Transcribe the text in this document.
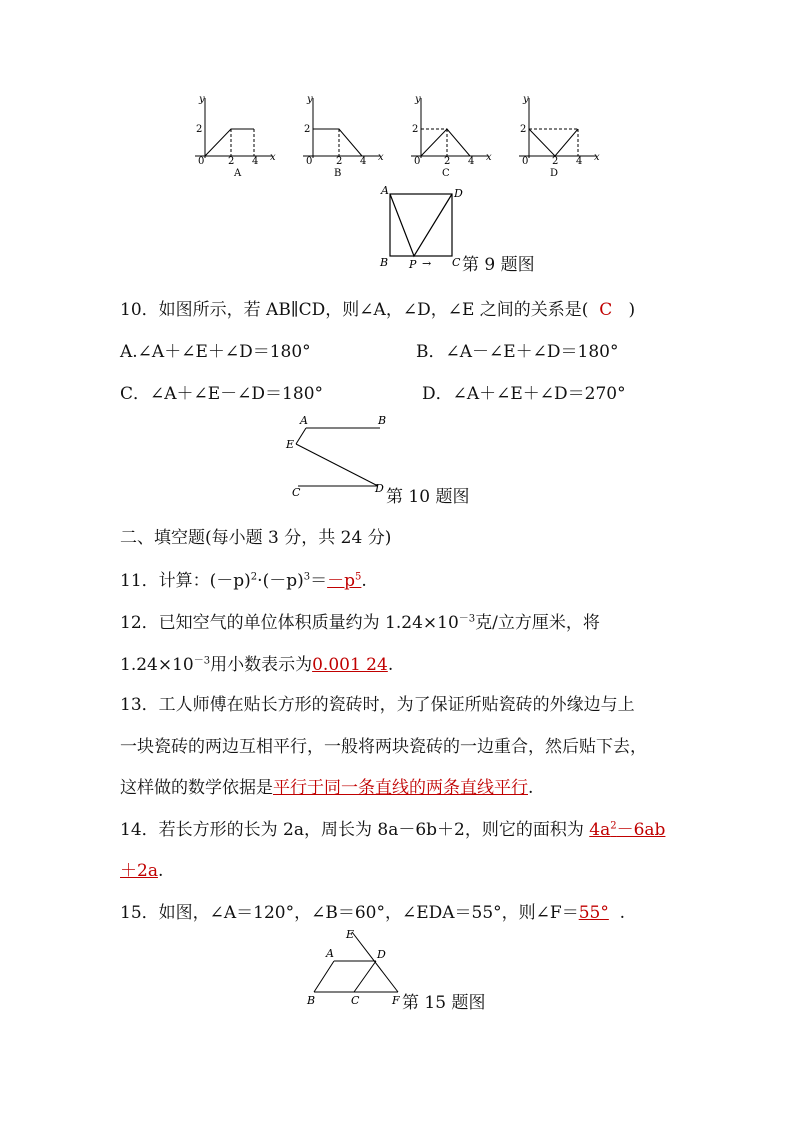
y
x
0
2
2 4
A
y
x
0
2
2 4
B
y
x
0
2
2 4
C
y
x
0
2
2 4
D
A	D
B P → C 第 9 题图
10．如图所示，若 AB∥CD，则∠A，∠D，∠E 之间的关系是( C )
A.∠A＋∠E＋∠D＝180°	B．∠A－∠E＋∠D＝180°
C．∠A＋∠E－∠D＝180°	D．∠A＋∠E＋∠D＝270°
A	B
E
C	D 第 10 题图
二、填空题(每小题 3 分，共 24 分)
11．计算：$(-p)^2\cdot(-p)^3=-p^5$.
12．已知空气的单位体积质量约为 $1.24\times 10^{-3}$克/立方厘米，将
$1.24\times 10^{-3}$用小数表示为0.001 24.
13．工人师傅在贴长方形的瓷砖时，为了保证所贴瓷砖的外缘边与上
一块瓷砖的两边互相平行，一般将两块瓷砖的一边重合，然后贴下去，
这样做的数学依据是平行于同一条直线的两条直线平行.
14．若长方形的长为 2a，周长为 8a－6b＋2，则它的面积为 $4a^2-6ab$
＋2a.
15．如图，∠A＝120°，∠B＝60°，∠EDA＝55°，则∠F＝55° .
E
A	D
B	C	F 第 15 题图
